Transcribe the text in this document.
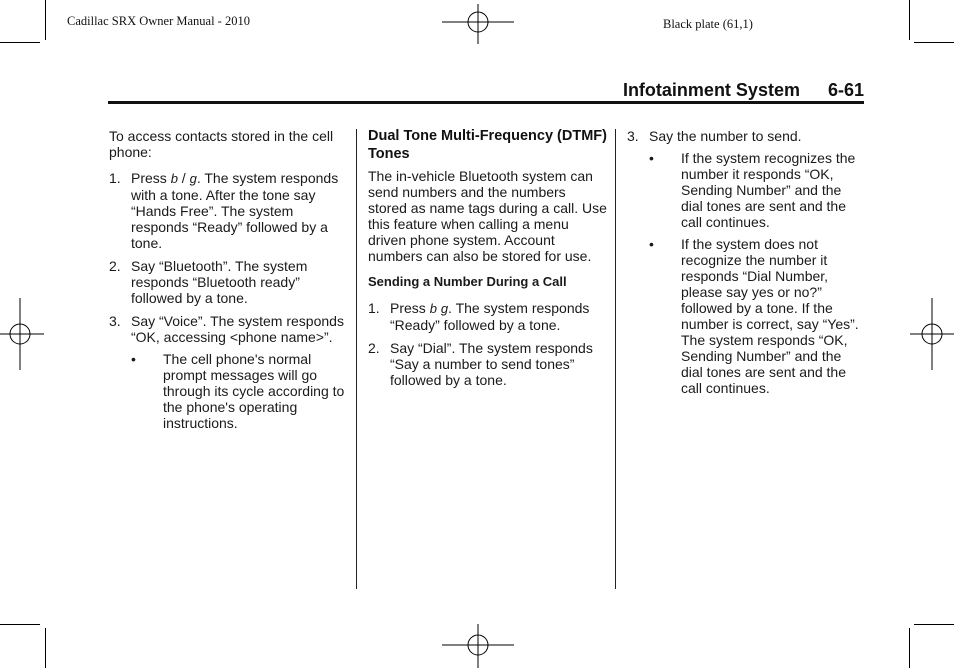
Cadillac SRX Owner Manual - 2010	Black plate (61,1)
Infotainment System 6-61

To access contacts stored in the cell phone:

1. Press b / g. The system responds with a tone. After the tone say “Hands Free”. The system responds “Ready” followed by a tone.
2. Say “Bluetooth”. The system responds “Bluetooth ready” followed by a tone.
3. Say “Voice”. The system responds “OK, accessing <phone name>”.
• The cell phone's normal prompt messages will go through its cycle according to the phone's operating instructions.
Dual Tone Multi-Frequency (DTMF) Tones

The in-vehicle Bluetooth system can send numbers and the numbers stored as name tags during a call. Use this feature when calling a menu driven phone system. Account numbers can also be stored for use.

Sending a Number During a Call

1. Press b g. The system responds “Ready” followed by a tone.
2. Say “Dial”. The system responds “Say a number to send tones” followed by a tone.
3. Say the number to send.
• If the system recognizes the number it responds “OK, Sending Number” and the dial tones are sent and the call continues.
• If the system does not recognize the number it responds “Dial Number, please say yes or no?” followed by a tone. If the number is correct, say “Yes”. The system responds “OK, Sending Number” and the dial tones are sent and the call continues.
